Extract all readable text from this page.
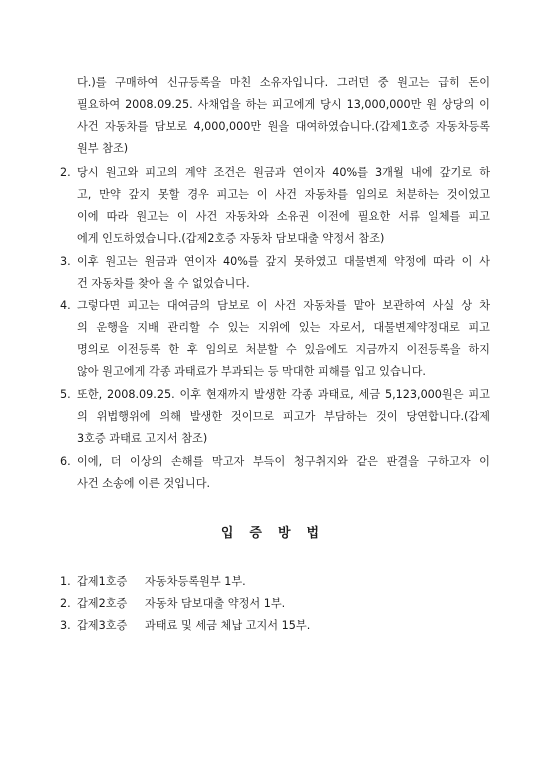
다.)를 구매하여 신규등록을 마친 소유자입니다. 그러던 중 원고는 급히 돈이
필요하여 2008.09.25. 사채업을 하는 피고에게 당시 13,000,000만 원 상당의 이
사건 자동차를 담보로 4,000,000만 원을 대여하였습니다.(갑제1호증 자동차등록
원부 참조)
2. 당시 원고와 피고의 계약 조건은 원금과 연이자 40%를 3개월 내에 갚기로 하
고, 만약 갚지 못할 경우 피고는 이 사건 자동차를 임의로 처분하는 것이었고
이에 따라 원고는 이 사건 자동차와 소유권 이전에 필요한 서류 일체를 피고
에게 인도하였습니다.(갑제2호증 자동차 담보대출 약정서 참조)
3. 이후 원고는 원금과 연이자 40%를 갚지 못하였고 대물변제 약정에 따라 이 사
건 자동차를 찾아 올 수 없었습니다.
4. 그렇다면 피고는 대여금의 담보로 이 사건 자동차를 맡아 보관하여 사실 상 차
의 운행을 지배 관리할 수 있는 지위에 있는 자로서, 대물변제약정대로 피고
명의로 이전등록 한 후 임의로 처분할 수 있음에도 지금까지 이전등록을 하지
않아 원고에게 각종 과태료가 부과되는 등 막대한 피해를 입고 있습니다.
5. 또한, 2008.09.25. 이후 현재까지 발생한 각종 과태료, 세금 5,123,000원은 피고
의 위법행위에 의해 발생한 것이므로 피고가 부담하는 것이 당연합니다.(갑제
3호증 과태료 고지서 참조)
6. 이에, 더 이상의 손해를 막고자 부득이 청구취지와 같은 판결을 구하고자 이
사건 소송에 이른 것입니다.
입증방법
1. 갑제1호증 자동차등록원부 1부.
2. 갑제2호증 자동차 담보대출 약정서 1부.
3. 갑제3호증 과태료 및 세금 체납 고지서 15부.
